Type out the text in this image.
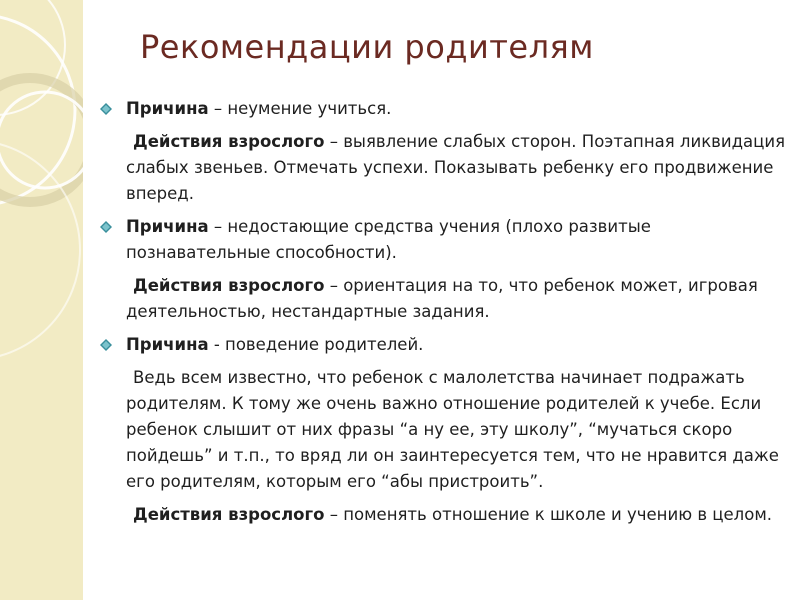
Рекомендации родителям
Причина – неумение учиться.
Действия взрослого – выявление слабых сторон. Поэтапная ликвидация слабых звеньев. Отмечать успехи. Показывать ребенку его продвижение вперед.
Причина – недостающие средства учения (плохо развитые познавательные способности).
Действия взрослого – ориентация на то, что ребенок может, игровая деятельностью, нестандартные задания.
Причина - поведение родителей.
Ведь всем известно, что ребенок с малолетства начинает подражать родителям. К тому же очень важно отношение родителей к учебе. Если ребенок слышит от них фразы “а ну ее, эту школу”, “мучаться скоро пойдешь” и т.п., то вряд ли он заинтересуется тем, что не нравится даже его родителям, которым его “абы пристроить”.
Действия взрослого – поменять отношение к школе и учению в целом.
